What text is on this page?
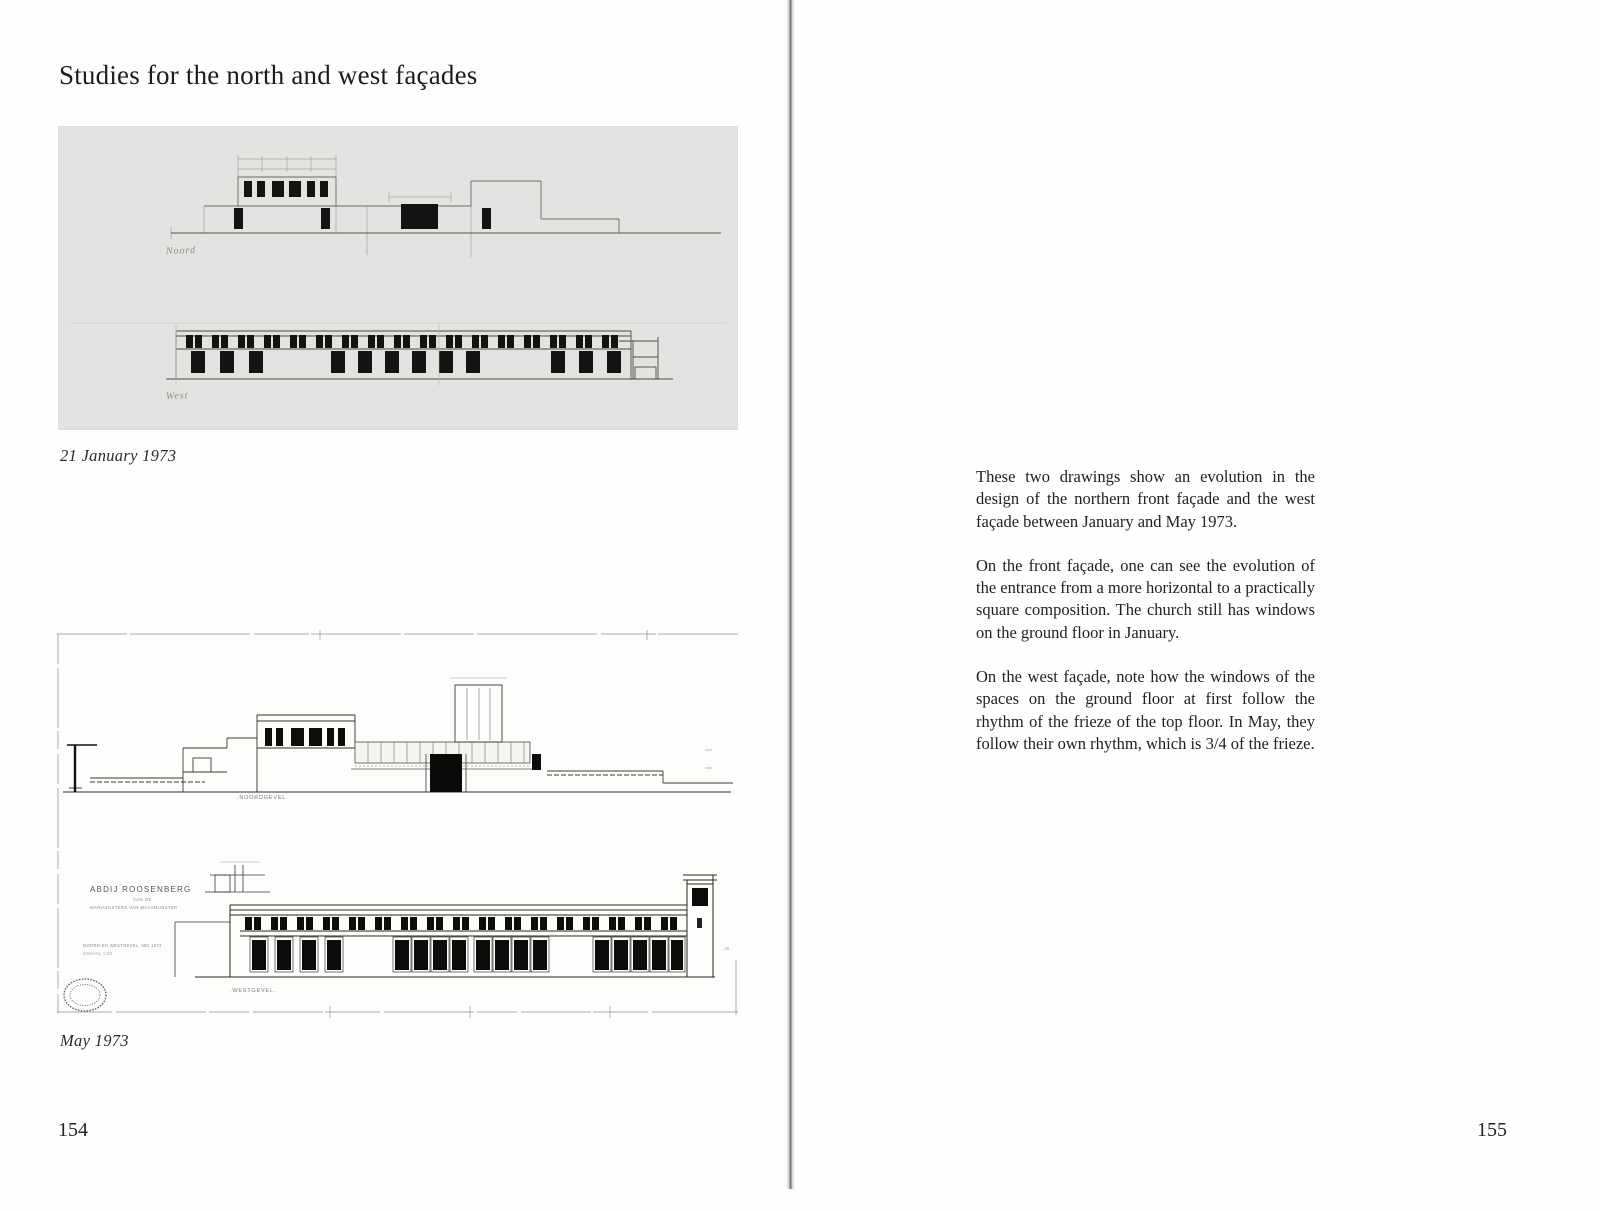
Studies for the north and west façades
Noord
West
21 January 1973
.NOORDGEVEL.
ABDIJ ROOSENBERG
VAN DE
MARIAZUSTERS VAN WAASMUNSTER
NOORD-EN WESTGEVEL, MEI 1973
SCHAAL 1:50
.28
.WESTGEVEL.
May 1973
154

These two drawings show an evolution in the design of the northern front façade and the west façade between January and May 1973.

On the front façade, one can see the evolution of the entrance from a more horizontal to a practically square composition. The church still has windows on the ground floor in January.

On the west façade, note how the windows of the spaces on the ground floor at first follow the rhythm of the frieze of the top floor. In May, they follow their own rhythm, which is 3/4 of the frieze.

155
